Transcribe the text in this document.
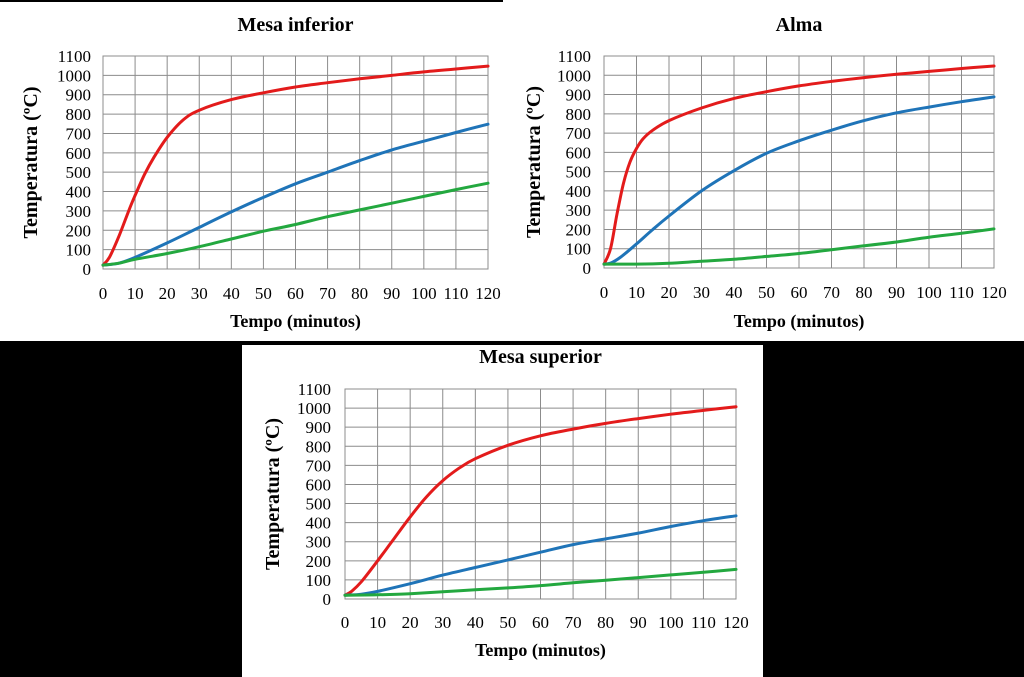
0
100
200
300
400
500
600
700
800
900
1000
1100
0 10 20 30 40 50 60 70 80 90 100 110 120
Mesa inferior
Tempo (minutos)
Temperatura (ºC)
0
100
200
300
400
500
600
700
800
900
1000
1100
0 10 20 30 40 50 60 70 80 90 100 110 120
Alma
Tempo (minutos)
Temperatura (ºC)
0
100
200
300
400
500
600
700
800
900
1000
1100
0 10 20 30 40 50 60 70 80 90 100 110 120
Mesa superior
Tempo (minutos)
Temperatura (ºC)
